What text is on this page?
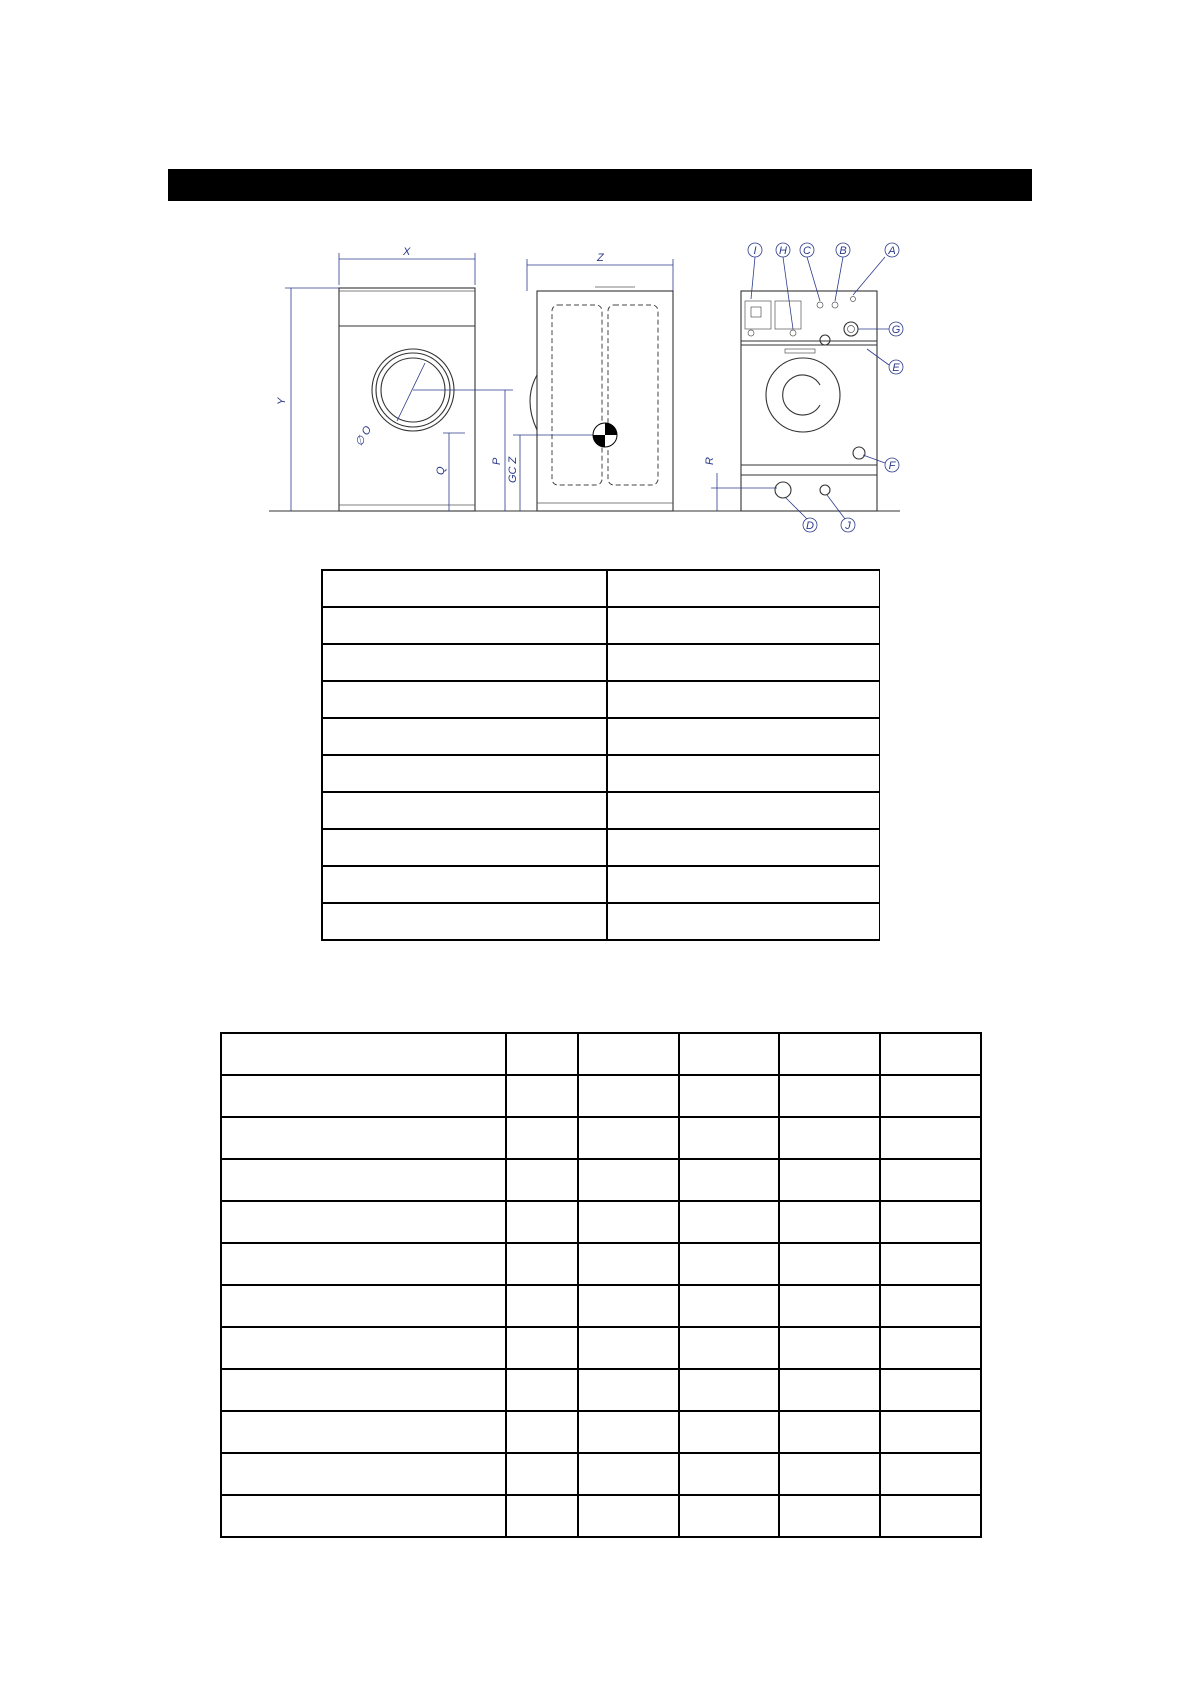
X
Y
∅ O
Q
P GC Z
Z
R
I H C	B	A
G
E
F
D	J
